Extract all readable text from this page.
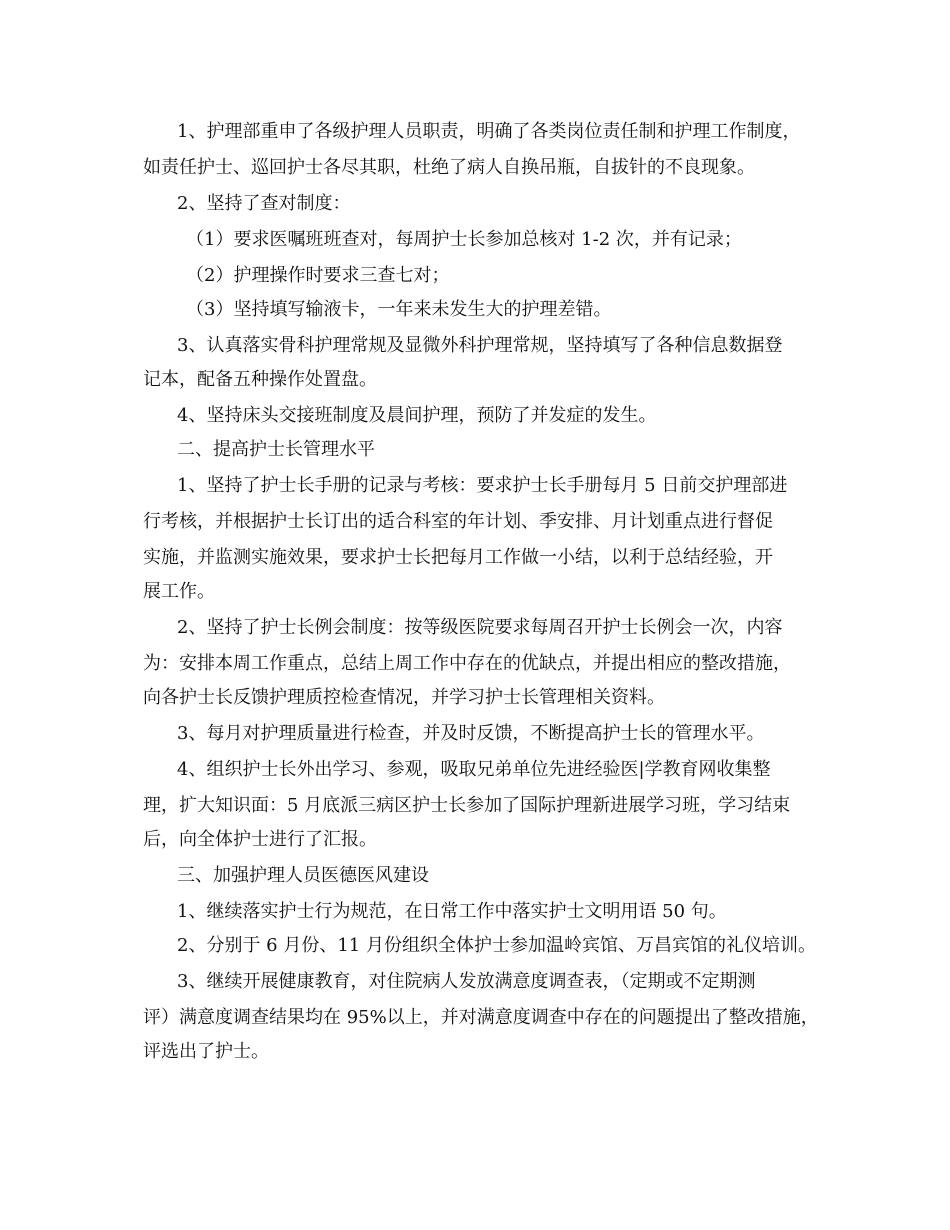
1、护理部重申了各级护理人员职责，明确了各类岗位责任制和护理工作制度，
如责任护士、巡回护士各尽其职，杜绝了病人自换吊瓶，自拔针的不良现象。
2、坚持了查对制度：
（1）要求医嘱班班查对，每周护士长参加总核对 1-2 次，并有记录；
（2）护理操作时要求三查七对；
（3）坚持填写输液卡，一年来未发生大的护理差错。
3、认真落实骨科护理常规及显微外科护理常规，坚持填写了各种信息数据登
记本，配备五种操作处置盘。
4、坚持床头交接班制度及晨间护理，预防了并发症的发生。
二、提高护士长管理水平
1、坚持了护士长手册的记录与考核：要求护士长手册每月 5 日前交护理部进
行考核，并根据护士长订出的适合科室的年计划、季安排、月计划重点进行督促
实施，并监测实施效果，要求护士长把每月工作做一小结，以利于总结经验，开
展工作。
2、坚持了护士长例会制度：按等级医院要求每周召开护士长例会一次，内容
为：安排本周工作重点，总结上周工作中存在的优缺点，并提出相应的整改措施，
向各护士长反馈护理质控检查情况，并学习护士长管理相关资料。
3、每月对护理质量进行检查，并及时反馈，不断提高护士长的管理水平。
4、组织护士长外出学习、参观，吸取兄弟单位先进经验医|学教育网收集整
理，扩大知识面：5 月底派三病区护士长参加了国际护理新进展学习班，学习结束
后，向全体护士进行了汇报。
三、加强护理人员医德医风建设
1、继续落实护士行为规范，在日常工作中落实护士文明用语 50 句。
2、分别于 6 月份、11 月份组织全体护士参加温岭宾馆、万昌宾馆的礼仪培训。
3、继续开展健康教育，对住院病人发放满意度调查表，（定期或不定期测
评）满意度调查结果均在 95%以上，并对满意度调查中存在的问题提出了整改措施，
评选出了护士。
